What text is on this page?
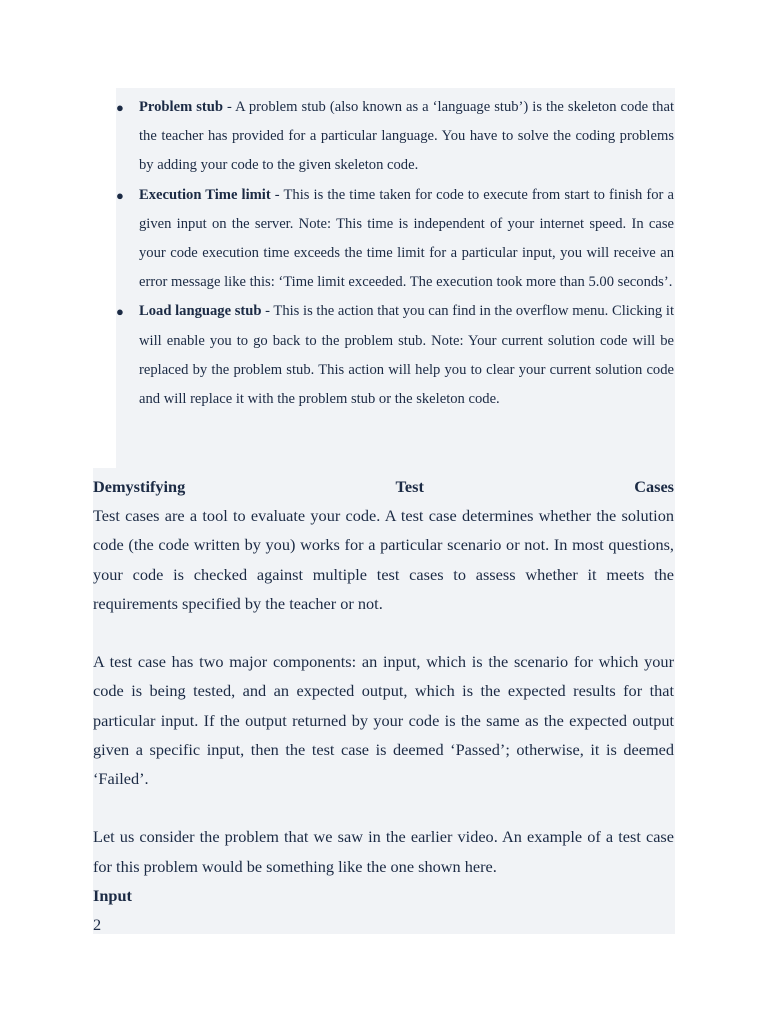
● Problem stub - A problem stub (also known as a ‘language stub’) is the skeleton code that the teacher has provided for a particular language. You have to solve the coding problems by adding your code to the given skeleton code.
● Execution Time limit - This is the time taken for code to execute from start to finish for a given input on the server. Note: This time is independent of your internet speed. In case your code execution time exceeds the time limit for a particular input, you will receive an error message like this: ‘Time limit exceeded. The execution took more than 5.00 seconds’.
● Load language stub - This is the action that you can find in the overflow menu. Clicking it will enable you to go back to the problem stub. Note: Your current solution code will be replaced by the problem stub. This action will help you to clear your current solution code and will replace it with the problem stub or the skeleton code.
Demystifying	Test	Cases

Test cases are a tool to evaluate your code. A test case determines whether the solution code (the code written by you) works for a particular scenario or not. In most questions, your code is checked against multiple test cases to assess whether it meets the requirements specified by the teacher or not.

A test case has two major components: an input, which is the scenario for which your code is being tested, and an expected output, which is the expected results for that particular input. If the output returned by your code is the same as the expected output given a specific input, then the test case is deemed ‘Passed’; otherwise, it is deemed ‘Failed’.

Let us consider the problem that we saw in the earlier video. An example of a test case for this problem would be something like the one shown here.

Input
2
